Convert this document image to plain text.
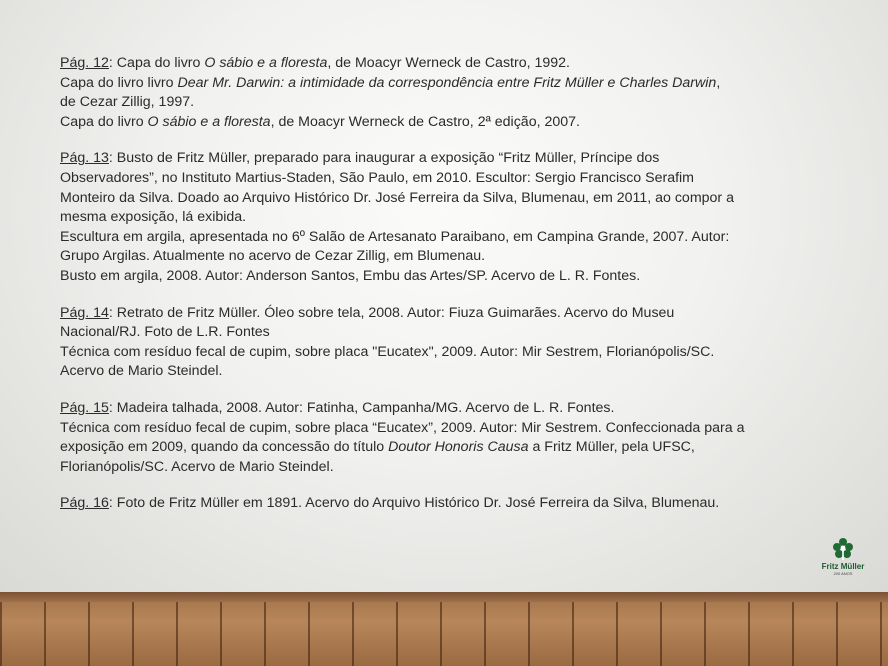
Pág. 12: Capa do livro O sábio e a floresta, de Moacyr Werneck de Castro, 1992.
Capa do livro livro Dear Mr. Darwin: a intimidade da correspondência entre Fritz Müller e Charles Darwin,
de Cezar Zillig, 1997.
Capa do livro O sábio e a floresta, de Moacyr Werneck de Castro, 2ª edição, 2007.
Pág. 13: Busto de Fritz Müller, preparado para inaugurar a exposição “Fritz Müller, Príncipe dos
Observadores”, no Instituto Martius-Staden, São Paulo, em 2010. Escultor: Sergio Francisco Serafim
Monteiro da Silva. Doado ao Arquivo Histórico Dr. José Ferreira da Silva, Blumenau, em 2011, ao compor a
mesma exposição, lá exibida.
Escultura em argila, apresentada no 6º Salão de Artesanato Paraibano, em Campina Grande, 2007. Autor:
Grupo Argilas. Atualmente no acervo de Cezar Zillig, em Blumenau.
Busto em argila, 2008. Autor: Anderson Santos, Embu das Artes/SP. Acervo de L. R. Fontes.
Pág. 14: Retrato de Fritz Müller. Óleo sobre tela, 2008. Autor: Fiuza Guimarães. Acervo do Museu
Nacional/RJ. Foto de L.R. Fontes
Técnica com resíduo fecal de cupim, sobre placa "Eucatex", 2009. Autor: Mir Sestrem, Florianópolis/SC.
Acervo de Mario Steindel.
Pág. 15: Madeira talhada, 2008. Autor: Fatinha, Campanha/MG. Acervo de L. R. Fontes.
Técnica com resíduo fecal de cupim, sobre placa “Eucatex”, 2009. Autor: Mir Sestrem. Confeccionada para a
exposição em 2009, quando da concessão do título Doutor Honoris Causa a Fritz Müller, pela UFSC,
Florianópolis/SC. Acervo de Mario Steindel.
Pág. 16: Foto de Fritz Müller em 1891. Acervo do Arquivo Histórico Dr. José Ferreira da Silva, Blumenau.
Fritz Müller
200 ANOS
